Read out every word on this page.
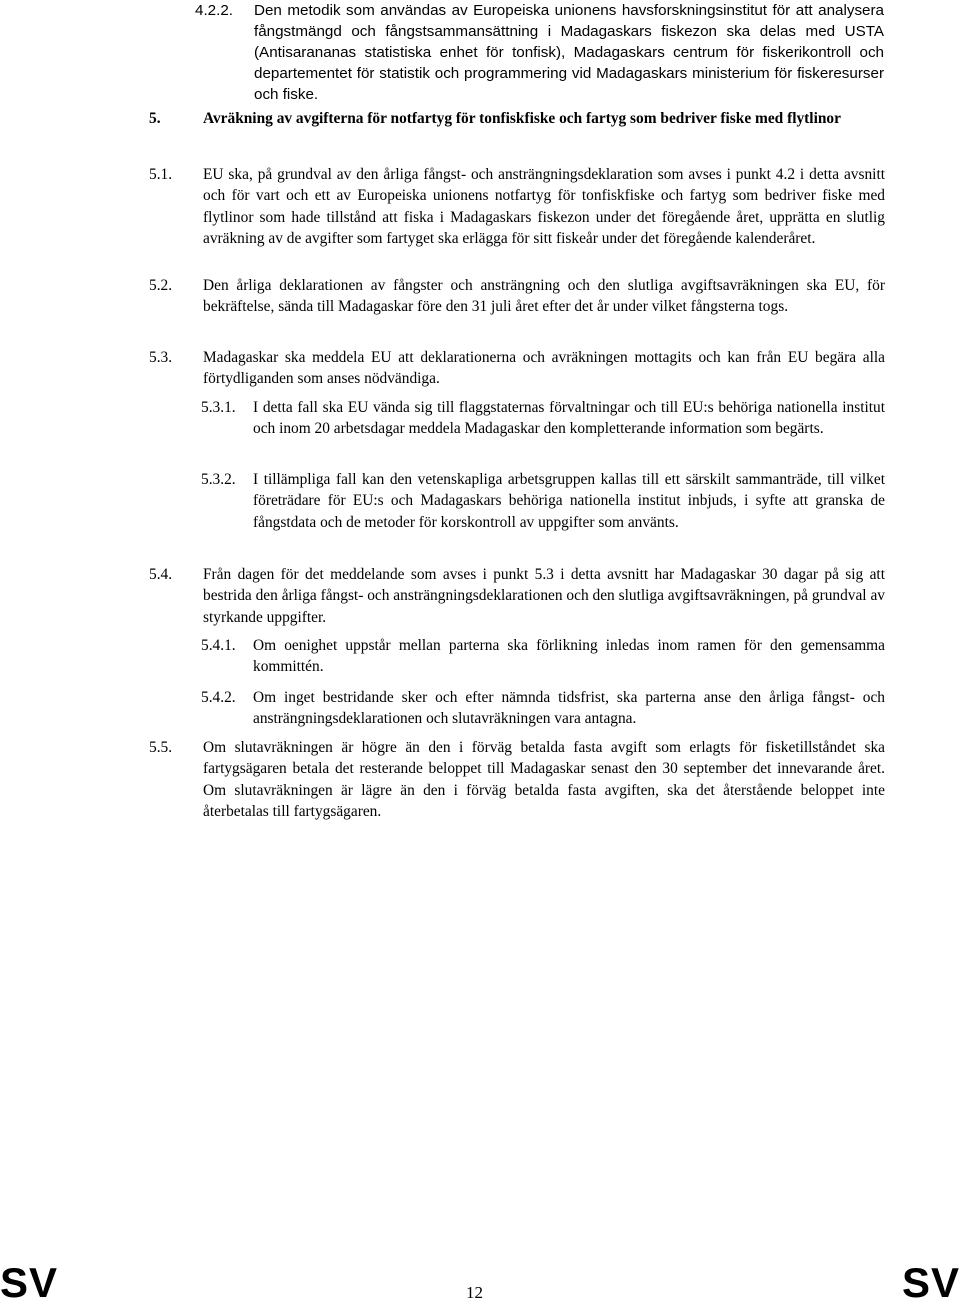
4.2.2.	Den metodik som användas av Europeiska unionens havsforskningsinstitut för att analysera fångstmängd och fångstsammansättning i Madagaskars fiskezon ska delas med USTA (Antisarananas statistiska enhet för tonfisk), Madagaskars centrum för fiskerikontroll och departementet för statistik och programmering vid Madagaskars ministerium för fiskeresurser och fiske.
5.	Avräkning av avgifterna för notfartyg för tonfiskfiske och fartyg som bedriver fiske med flytlinor
5.1.	EU ska, på grundval av den årliga fångst- och ansträngningsdeklaration som avses i punkt 4.2 i detta avsnitt och för vart och ett av Europeiska unionens notfartyg för tonfiskfiske och fartyg som bedriver fiske med flytlinor som hade tillstånd att fiska i Madagaskars fiskezon under det föregående året, upprätta en slutlig avräkning av de avgifter som fartyget ska erlägga för sitt fiskeår under det föregående kalenderåret.
5.2.	Den årliga deklarationen av fångster och ansträngning och den slutliga avgiftsavräkningen ska EU, för bekräftelse, sända till Madagaskar före den 31 juli året efter det år under vilket fångsterna togs.
5.3.	Madagaskar ska meddela EU att deklarationerna och avräkningen mottagits och kan från EU begära alla förtydliganden som anses nödvändiga.
5.3.1.	I detta fall ska EU vända sig till flaggstaternas förvaltningar och till EU:s behöriga nationella institut och inom 20 arbetsdagar meddela Madagaskar den kompletterande information som begärts.
5.3.2.	I tillämpliga fall kan den vetenskapliga arbetsgruppen kallas till ett särskilt sammanträde, till vilket företrädare för EU:s och Madagaskars behöriga nationella institut inbjuds, i syfte att granska de fångstdata och de metoder för korskontroll av uppgifter som använts.
5.4.	Från dagen för det meddelande som avses i punkt 5.3 i detta avsnitt har Madagaskar 30 dagar på sig att bestrida den årliga fångst- och ansträngningsdeklarationen och den slutliga avgiftsavräkningen, på grundval av styrkande uppgifter.
5.4.1.	Om oenighet uppstår mellan parterna ska förlikning inledas inom ramen för den gemensamma kommittén.
5.4.2.	Om inget bestridande sker och efter nämnda tidsfrist, ska parterna anse den årliga fångst- och ansträngningsdeklarationen och slutavräkningen vara antagna.
5.5.	Om slutavräkningen är högre än den i förväg betalda fasta avgift som erlagts för fisketillståndet ska fartygsägaren betala det resterande beloppet till Madagaskar senast den 30 september det innevarande året. Om slutavräkningen är lägre än den i förväg betalda fasta avgiften, ska det återstående beloppet inte återbetalas till fartygsägaren.
SV	12	SV
